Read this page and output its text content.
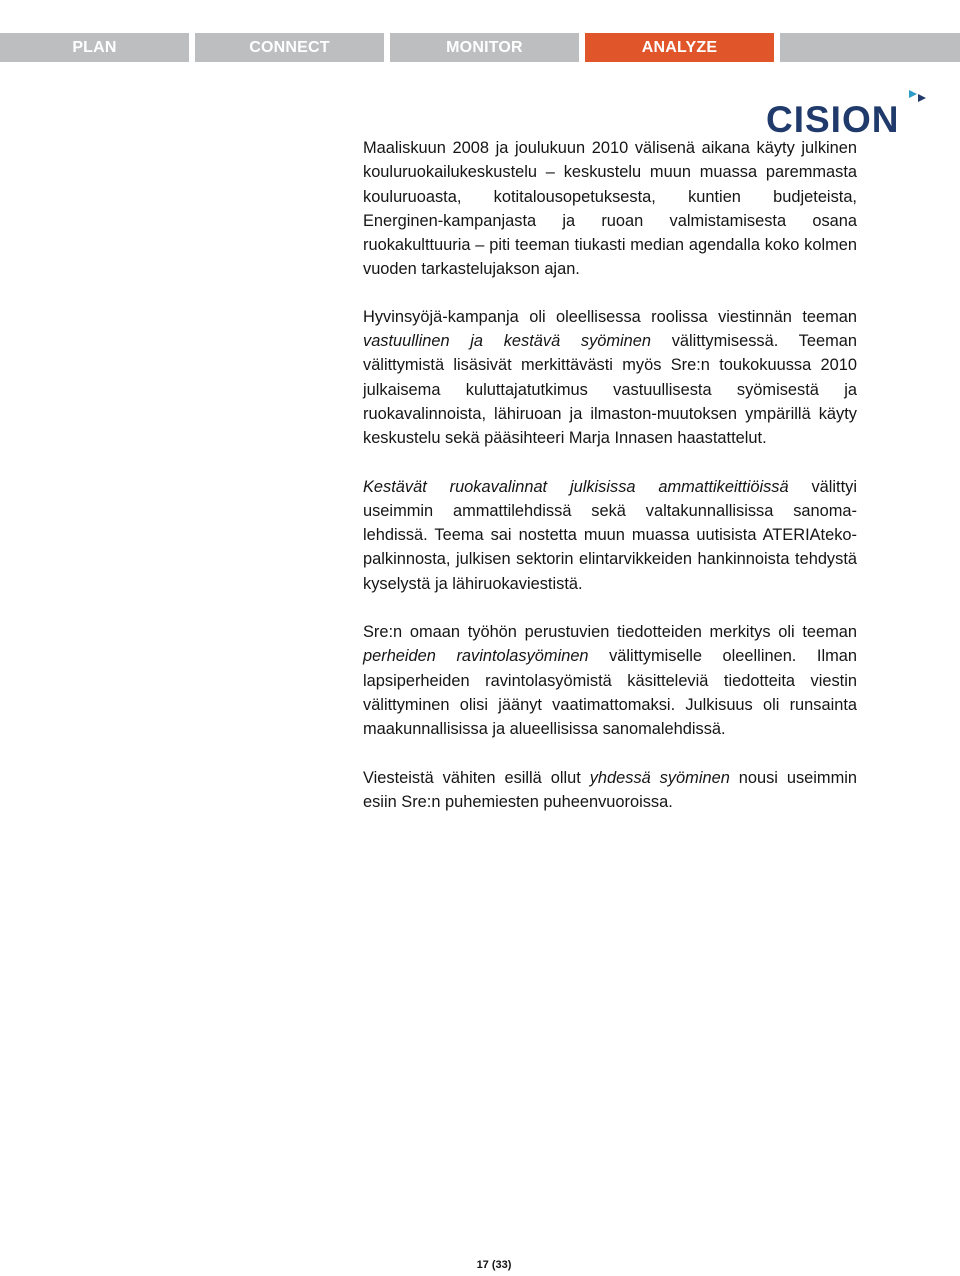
PLAN	CONNECT	MONITOR	ANALYZE
CISION

Maaliskuun 2008 ja joulukuun 2010 välisenä aikana käyty julkinen kouluruokailukeskustelu – keskustelu muun muassa paremmasta kouluruoasta, kotitalousopetuksesta, kuntien budjeteista, Energinen-kampanjasta ja ruoan valmistamisesta osana ruokakulttuuria – piti teeman tiukasti median agendalla koko kolmen vuoden tarkastelujakson ajan.

Hyvinsyöjä-kampanja oli oleellisessa roolissa viestinnän teeman vastuullinen ja kestävä syöminen välittymisessä. Teeman välittymistä lisäsivät merkittävästi myös Sre:n toukokuussa 2010 julkaisema kuluttajatutkimus vastuullisesta syömisestä ja ruokavalinnoista, lähiruoan ja ilmaston-muutoksen ympärillä käyty keskustelu sekä pääsihteeri Marja Innasen haastattelut.

Kestävät ruokavalinnat julkisissa ammattikeittiöissä välittyi useimmin ammattilehdissä sekä valtakunnallisissa sanoma-lehdissä. Teema sai nostetta muun muassa uutisista ATERIAteko-palkinnosta, julkisen sektorin elintarvikkeiden hankinnoista tehdystä kyselystä ja lähiruokaviestistä.

Sre:n omaan työhön perustuvien tiedotteiden merkitys oli teeman perheiden ravintolasyöminen välittymiselle oleellinen. Ilman lapsiperheiden ravintolasyömistä käsitteleviä tiedotteita viestin välittyminen olisi jäänyt vaatimattomaksi. Julkisuus oli runsainta maakunnallisissa ja alueellisissa sanomalehdissä.

Viesteistä vähiten esillä ollut yhdessä syöminen nousi useimmin esiin Sre:n puhemiesten puheenvuoroissa.

17 (33)
